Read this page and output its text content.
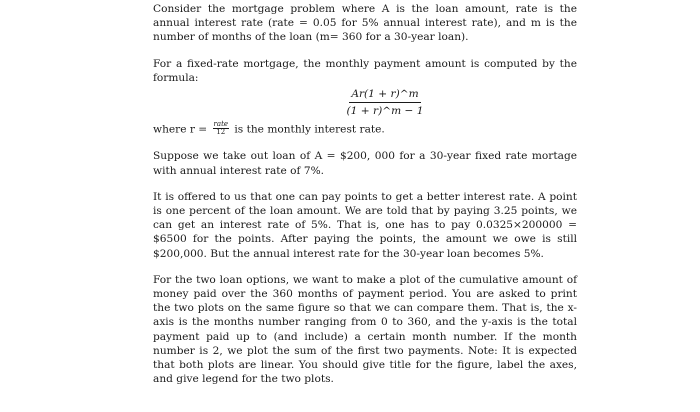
Consider the mortgage problem where A is the loan amount, rate is the annual interest rate (rate = 0.05 for 5% annual interest rate), and m is the number of months of the loan (m= 360 for a 30-year loan).

For a fixed-rate mortgage, the monthly payment amount is computed by the formula:

$\frac{Ar(1 + r)\^{}m}{(1 + r)\^{}m - 1}$

where $r = \frac{\text{rate}}{12}$ is the monthly interest rate.

Suppose we take out loan of A = $200, 000 for a 30-year fixed rate mortage with annual interest rate of 7%.

It is offered to us that one can pay points to get a better interest rate. A point is one percent of the loan amount. We are told that by paying 3.25 points, we can get an interest rate of 5%. That is, one has to pay 0.0325×200000 = $6500 for the points. After paying the points, the amount we owe is still $200,000. But the annual interest rate for the 30-year loan becomes 5%.

For the two loan options, we want to make a plot of the cumulative amount of money paid over the 360 months of payment period. You are asked to print the two plots on the same figure so that we can compare them. That is, the x-axis is the months number ranging from 0 to 360, and the y-axis is the total payment paid up to (and include) a certain month number. If the month number is 2, we plot the sum of the first two payments. Note: It is expected that both plots are linear. You should give title for the figure, label the axes, and give legend for the two plots.
